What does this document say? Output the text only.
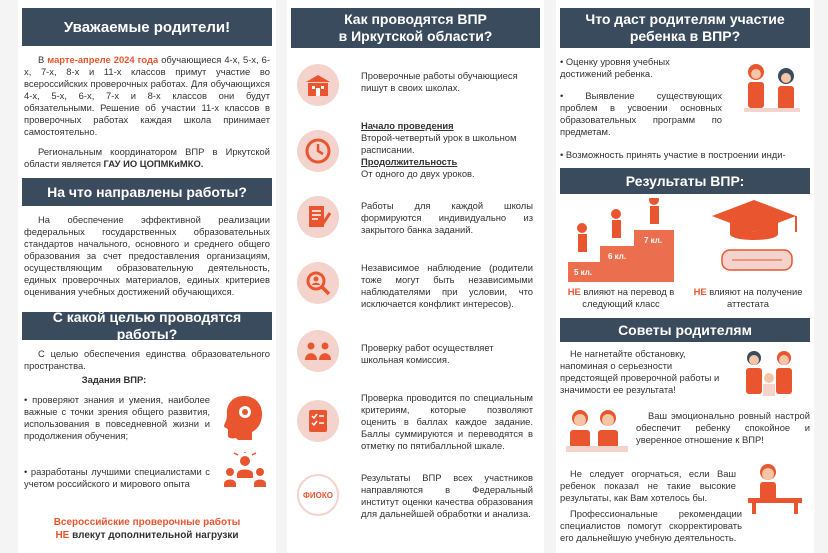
Уважаемые родители!
В марте-апреле 2024 года обучающиеся 4-х, 5-х, 6-х, 7-х, 8-х и 11-х классов примут участие во всероссийских проверочных работах. Для обучающихся 4-х, 5-х, 6-х, 7-х и 8-х классов они будут обязательными. Решение об участии 11-х классов в проверочных работах каждая школа принимает самостоятельно.
Региональным координатором ВПР в Иркутской области является ГАУ ИО ЦОПМКиМКО.
На что направлены работы?
На обеспечение эффективной реализации федеральных государственных образовательных стандартов начального, основного и среднего общего образования за счет предоставления организациям, осуществляющим образовательную деятельность, единых проверочных материалов, единых критериев оценивания учебных достижений обучающихся.
С какой целью проводятся работы?
С целью обеспечения единства образовательного пространства.
Задания ВПР:
• проверяют знания и умения, наиболее важные с точки зрения общего развития, использования в повседневной жизни и продолжения обучения;
• разработаны лучшими специалистами с учетом российского и мирового опыта
Всероссийские проверочные работы
НЕ влекут дополнительной нагрузки
Как проводятся ВПР
в Иркутской области?
Проверочные работы обучающиеся пишут в своих школах.
Начало проведения
Второй-четвертый урок в школьном расписании.
Продолжительность
От одного до двух уроков.
Работы для каждой школы формируются индивидуально из закрытого банка заданий.
Независимое наблюдение (родители тоже могут быть независимыми наблюдателями при условии, что исключается конфликт интересов).
Проверку работ осуществляет школьная комиссия.
Проверка проводится по специальным критериям, которые позволяют оценить в баллах каждое задание. Баллы суммируются и переводятся в отметку по пятибалльной шкале.
ФИОКО
Результаты ВПР всех участников направляются в Федеральный институт оценки качества образования для дальнейшей обработки и анализа.
Что даст родителям участие
ребенка в ВПР?
• Оценку уровня учебных достижений ребенка.
• Выявление существующих проблем в усвоении основных образовательных программ по предметам.
• Возможность принять участие в построении инди-
Результаты ВПР:
5 кл.
6 кл.
7 кл.
НЕ влияют на перевод в следующий класс
НЕ влияют на получение аттестата
Советы родителям
Не нагнетайте обстановку, напоминая о серьезности предстоящей проверочной работы и значимости ее результата!
Ваш эмоционально ровный настрой обеспечит ребенку спокойное и уверенное отношение к ВПР!
Не следует огорчаться, если Ваш ребенок показал не такие высокие результаты, как Вам хотелось бы.
Профессиональные рекомендации специалистов помогут скорректировать его дальнейшую учебную деятельность.
